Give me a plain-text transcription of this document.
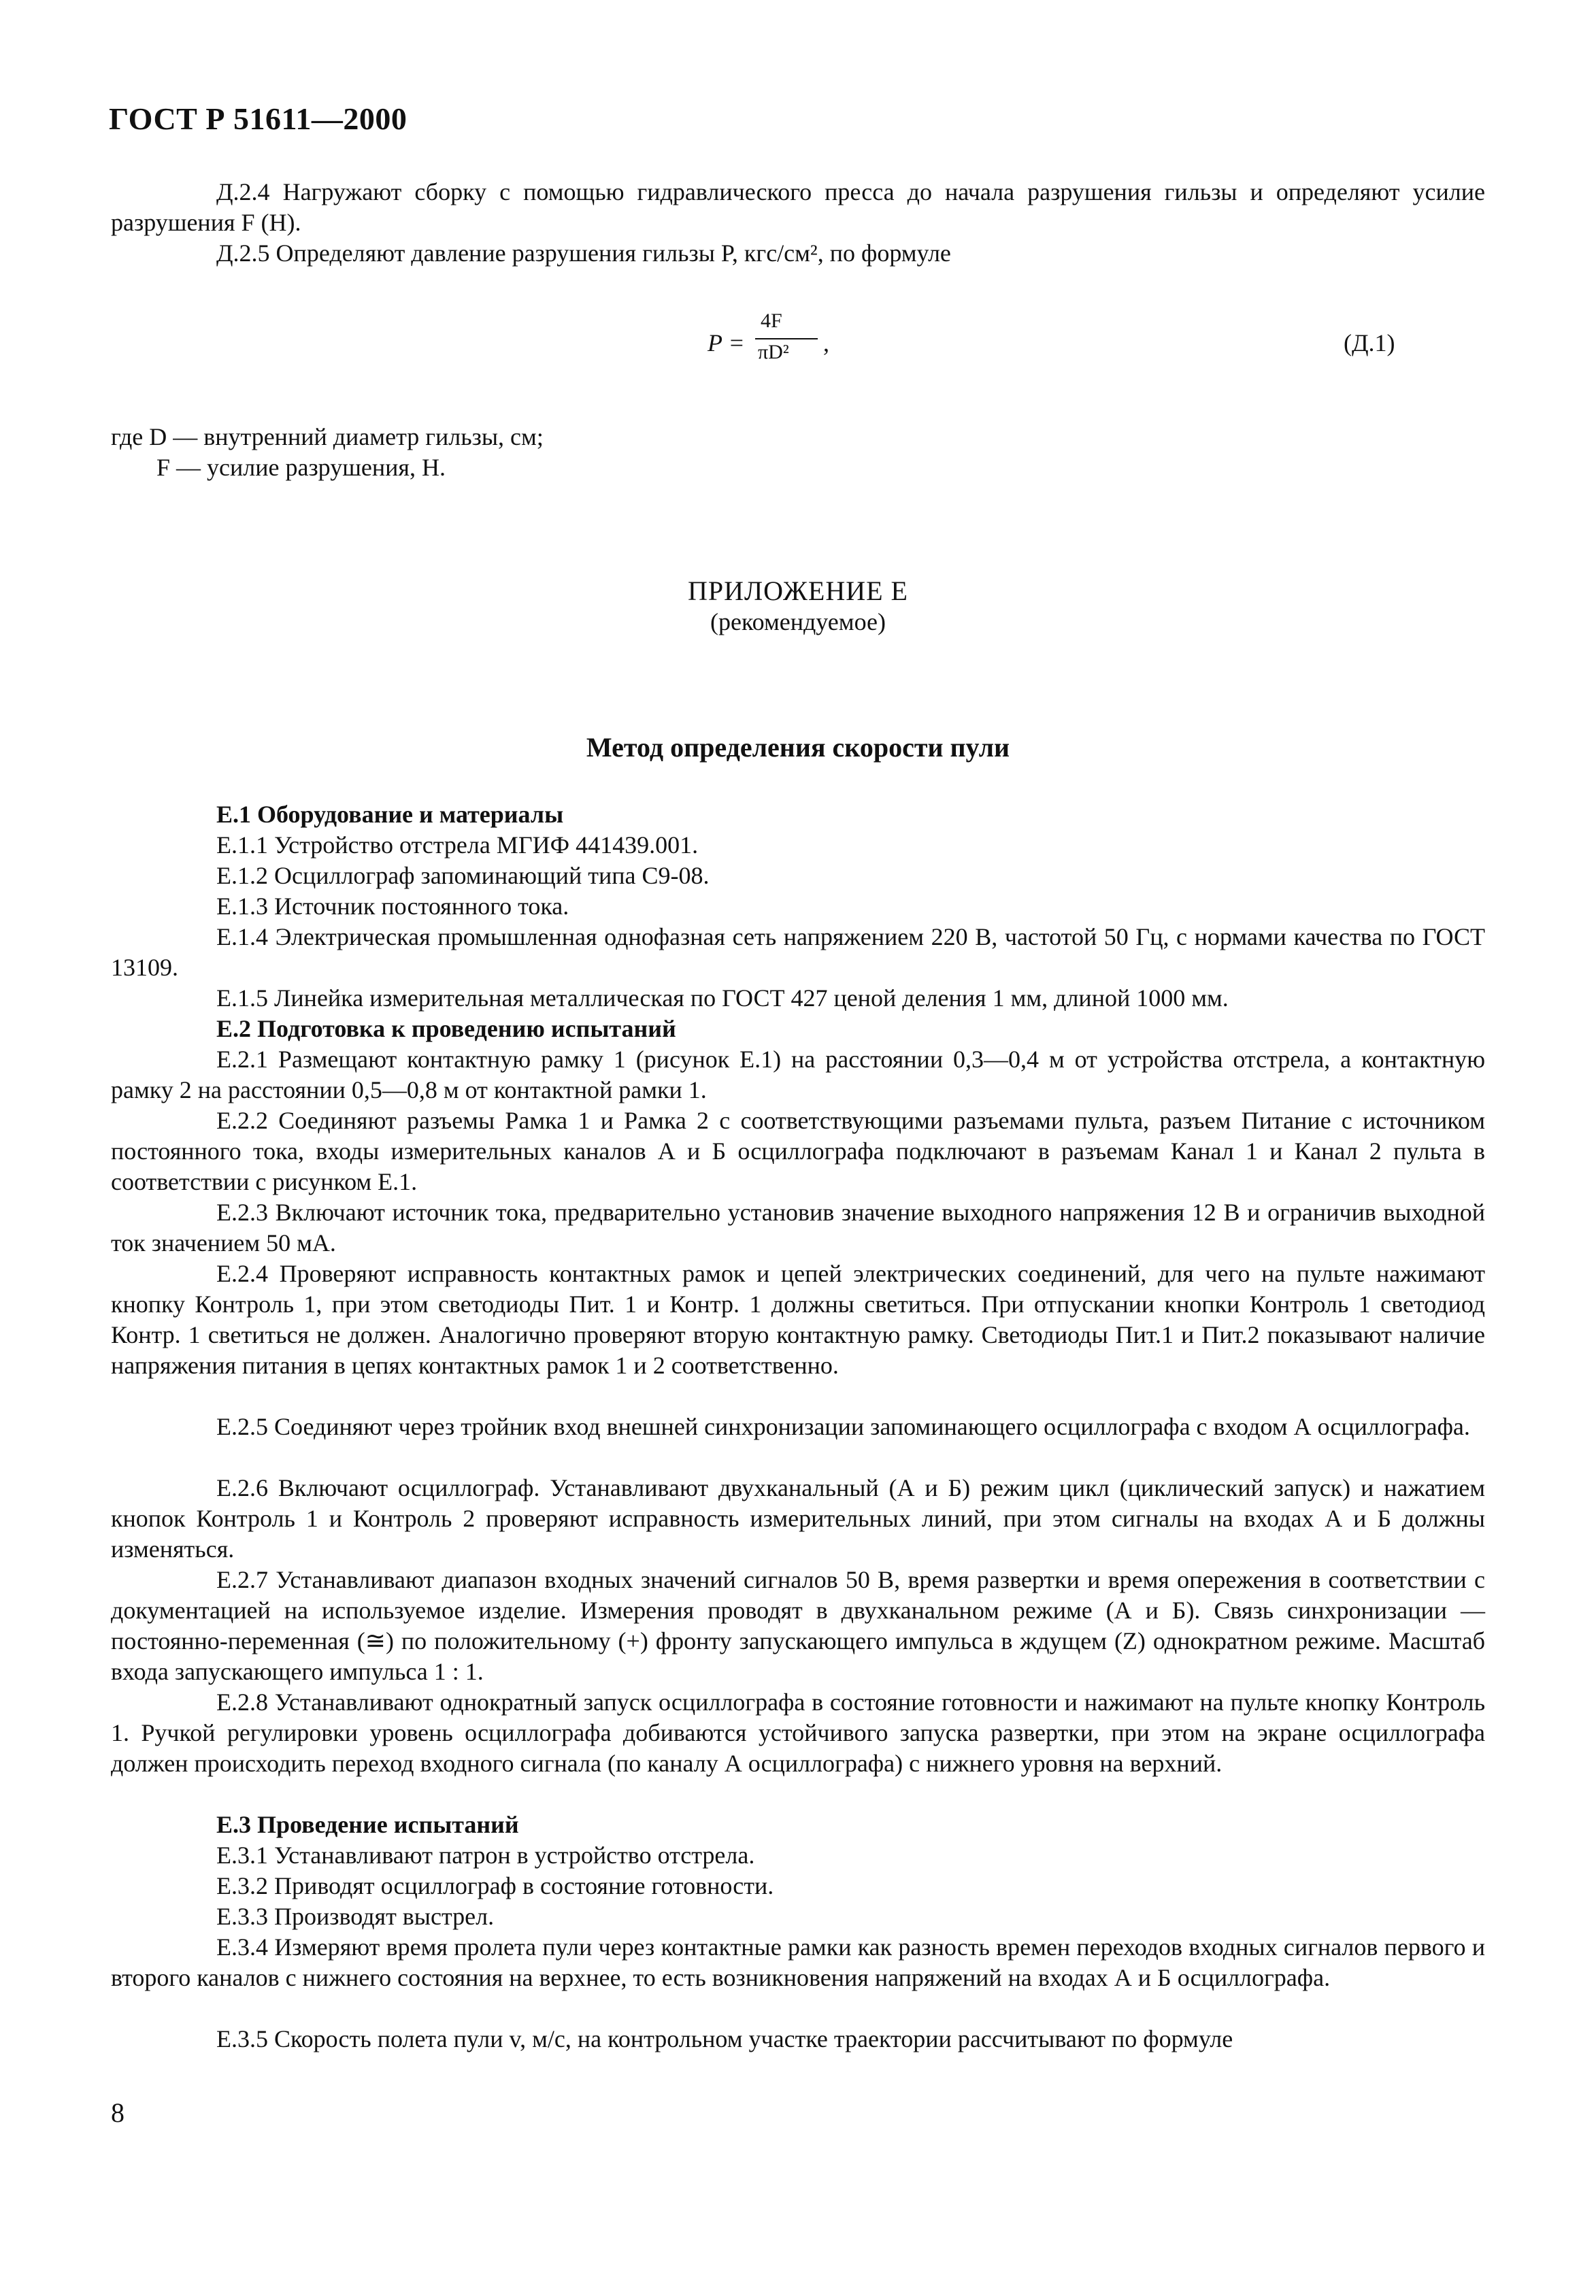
ГОСТ Р 51611—2000
Д.2.4 Нагружают сборку с помощью гидравлического пресса до начала разрушения гильзы и определяют усилие разрушения F (H).
Д.2.5 Определяют давление разрушения гильзы P, кгс/см², по формуле
P =
4F
πD² ,	(Д.1)
где D — внутренний диаметр гильзы, см;
F — усилие разрушения, Н.
ПРИЛОЖЕНИЕ Е
(рекомендуемое)
Метод определения скорости пули
Е.1 Оборудование и материалы
Е.1.1 Устройство отстрела МГИФ 441439.001.
Е.1.2 Осциллограф запоминающий типа С9-08.
Е.1.3 Источник постоянного тока.
Е.1.4 Электрическая промышленная однофазная сеть напряжением 220 В, частотой 50 Гц, с нормами качества по ГОСТ 13109.
Е.1.5 Линейка измерительная металлическая по ГОСТ 427 ценой деления 1 мм, длиной 1000 мм.
Е.2 Подготовка к проведению испытаний
Е.2.1 Размещают контактную рамку 1 (рисунок Е.1) на расстоянии 0,3—0,4 м от устройства отстрела, а контактную рамку 2 на расстоянии 0,5—0,8 м от контактной рамки 1.
Е.2.2 Соединяют разъемы Рамка 1 и Рамка 2 с соответствующими разъемами пульта, разъем Питание с источником постоянного тока, входы измерительных каналов А и Б осциллографа подключают в разъемам Канал 1 и Канал 2 пульта в соответствии с рисунком Е.1.
Е.2.3 Включают источник тока, предварительно установив значение выходного напряжения 12 В и ограничив выходной ток значением 50 мА.
Е.2.4 Проверяют исправность контактных рамок и цепей электрических соединений, для чего на пульте нажимают кнопку Контроль 1, при этом светодиоды Пит. 1 и Контр. 1 должны светиться. При отпускании кнопки Контроль 1 светодиод Контр. 1 светиться не должен. Аналогично проверяют вторую контактную рамку. Светодиоды Пит.1 и Пит.2 показывают наличие напряжения питания в цепях контактных рамок 1 и 2 соответственно.
Е.2.5 Соединяют через тройник вход внешней синхронизации запоминающего осциллографа с входом А осциллографа.
Е.2.6 Включают осциллограф. Устанавливают двухканальный (А и Б) режим цикл (циклический запуск) и нажатием кнопок Контроль 1 и Контроль 2 проверяют исправность измерительных линий, при этом сигналы на входах А и Б должны изменяться.
Е.2.7 Устанавливают диапазон входных значений сигналов 50 В, время развертки и время опережения в соответствии с документацией на используемое изделие. Измерения проводят в двухканальном режиме (А и Б). Связь синхронизации — постоянно-переменная (≅) по положительному (+) фронту запускающего импульса в ждущем (Z) однократном режиме. Масштаб входа запускающего импульса 1 : 1.
Е.2.8 Устанавливают однократный запуск осциллографа в состояние готовности и нажимают на пульте кнопку Контроль 1. Ручкой регулировки уровень осциллографа добиваются устойчивого запуска развертки, при этом на экране осциллографа должен происходить переход входного сигнала (по каналу А осциллографа) с нижнего уровня на верхний.
Е.3 Проведение испытаний
Е.3.1 Устанавливают патрон в устройство отстрела.
Е.3.2 Приводят осциллограф в состояние готовности.
Е.3.3 Производят выстрел.
Е.3.4 Измеряют время пролета пули через контактные рамки как разность времен переходов входных сигналов первого и второго каналов с нижнего состояния на верхнее, то есть возникновения напряжений на входах А и Б осциллографа.
Е.3.5 Скорость полета пули v, м/с, на контрольном участке траектории рассчитывают по формуле
8
